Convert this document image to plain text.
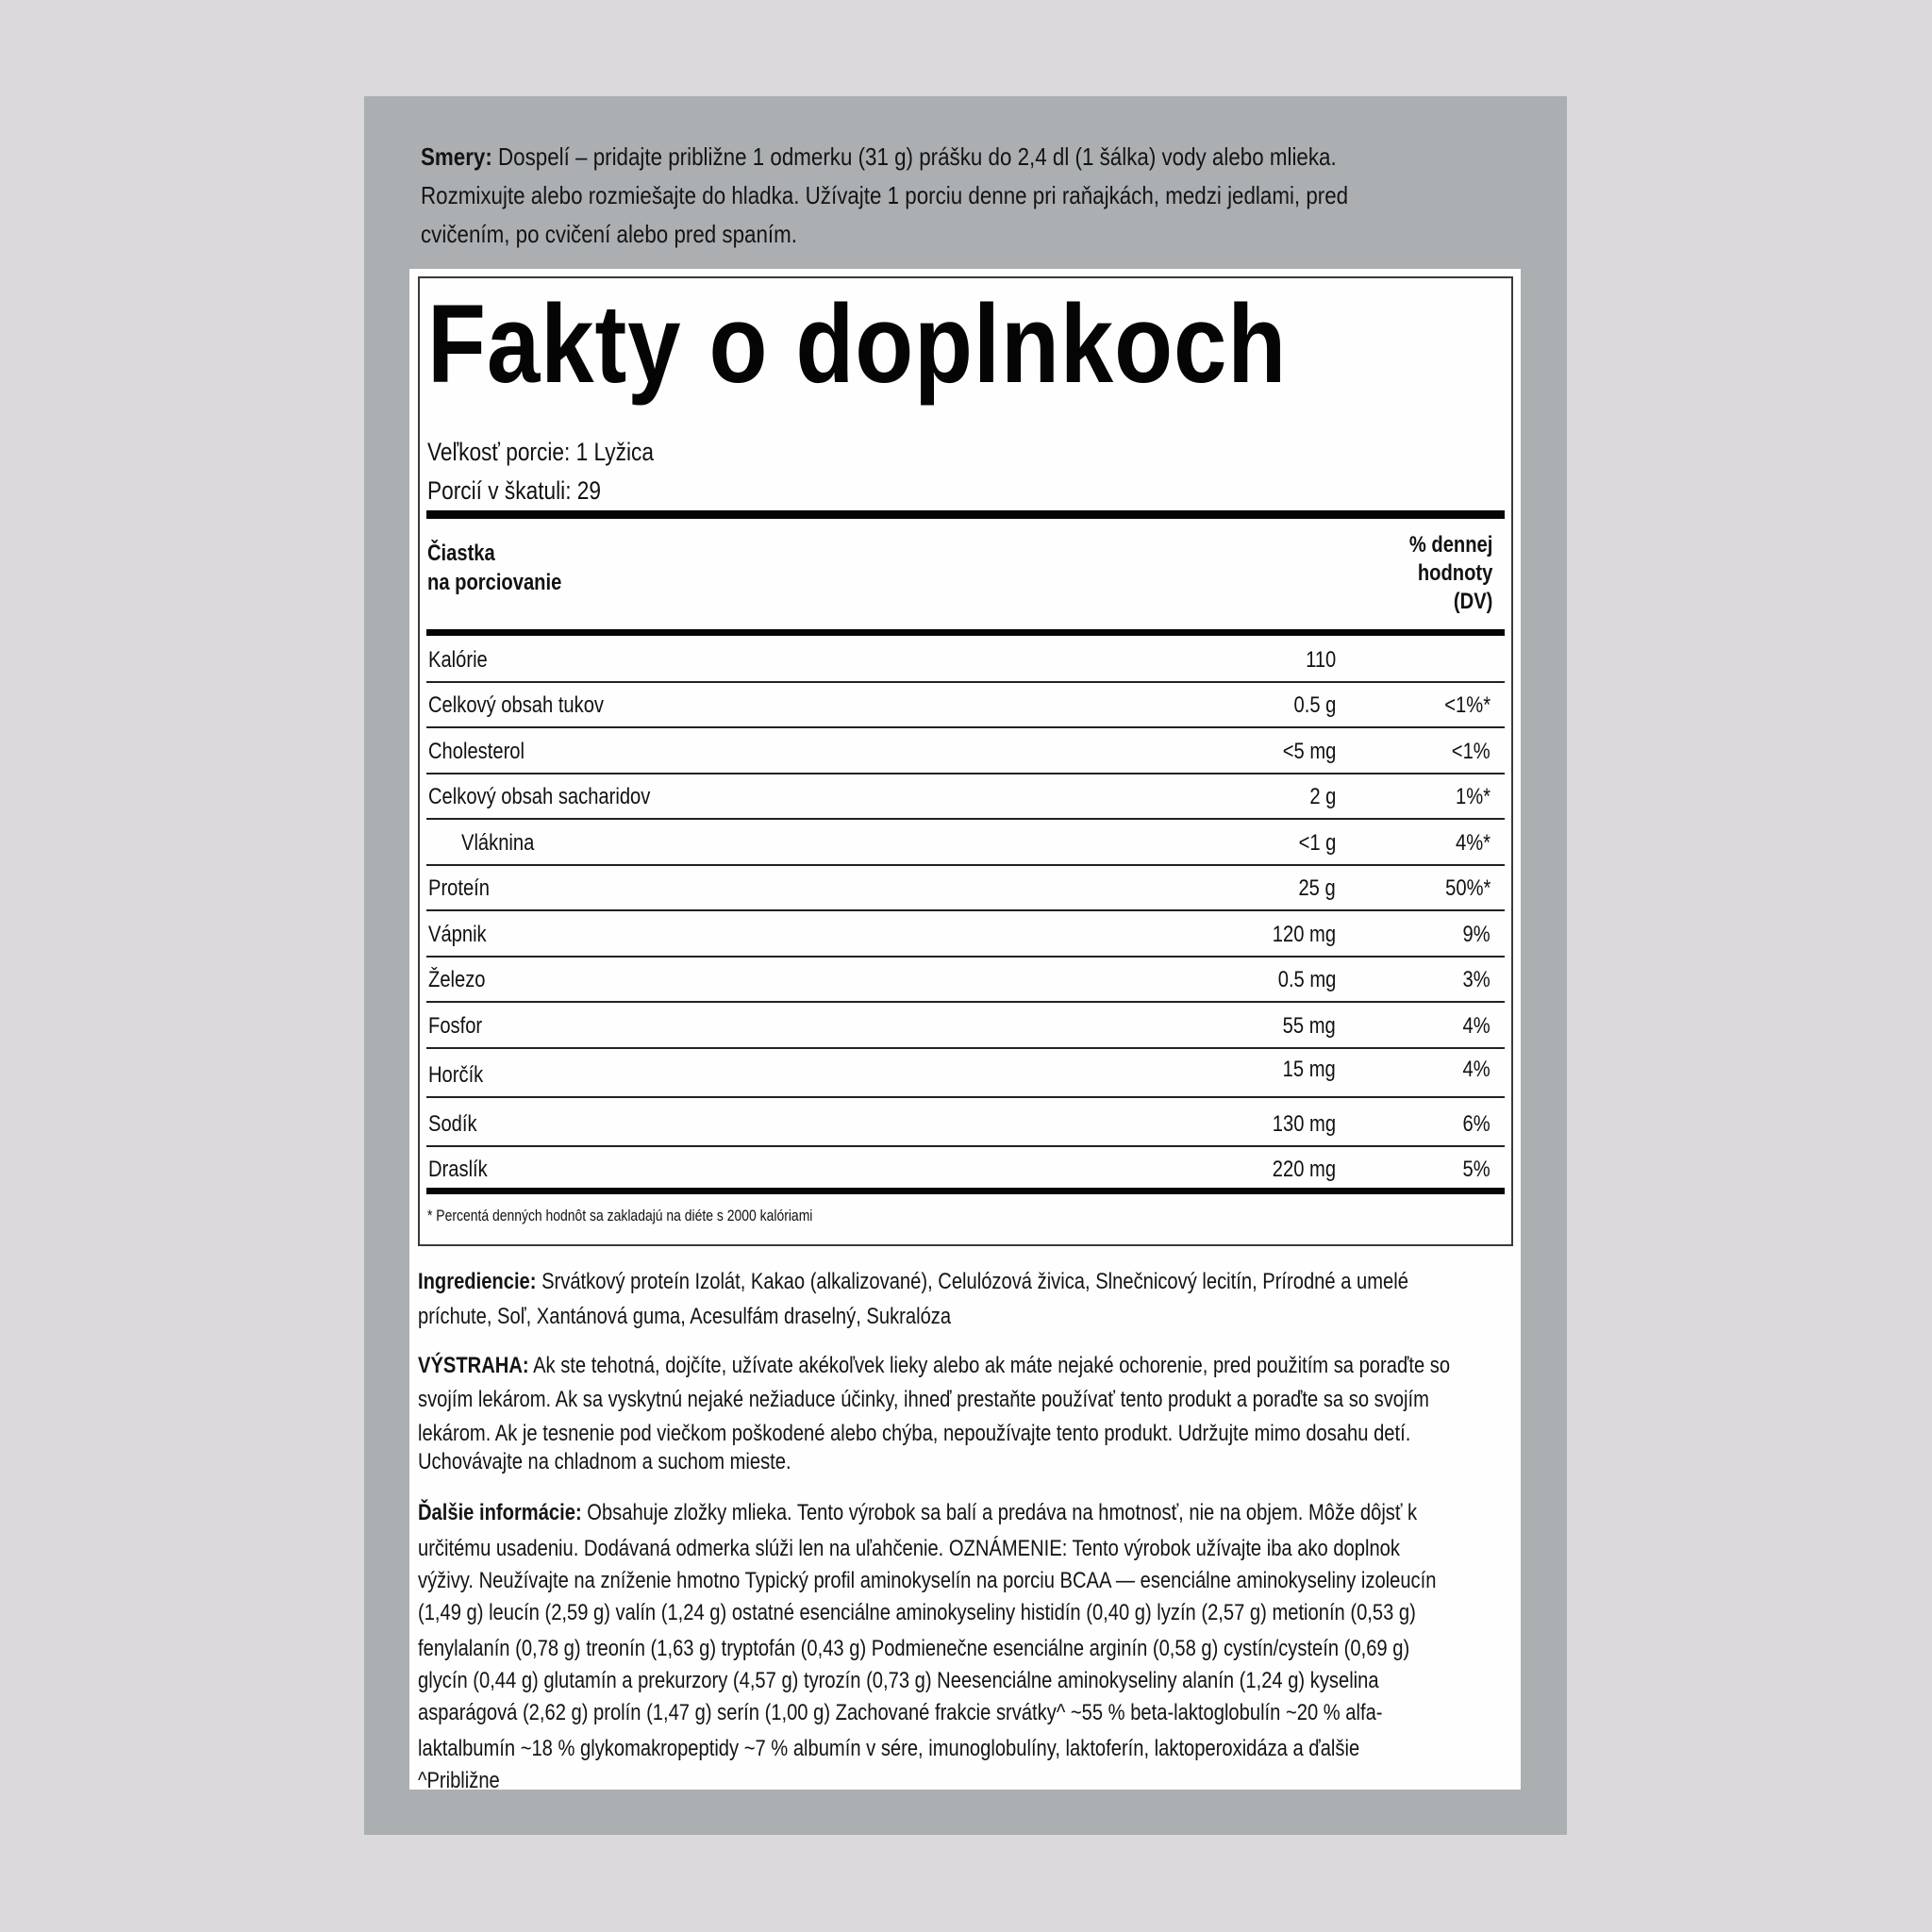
Smery: Dospelí – pridajte približne 1 odmerku (31 g) prášku do 2,4 dl (1 šálka) vody alebo mlieka.
Rozmixujte alebo rozmiešajte do hladka. Užívajte 1 porciu denne pri raňajkách, medzi jedlami, pred
cvičením, po cvičení alebo pred spaním.
Fakty o doplnkoch
Veľkosť porcie: 1 Lyžica
Porcií v škatuli: 29
Čiastka
na porciovanie
% dennej
hodnoty
(DV)
Kalórie	110
Celkový obsah tukov	0.5 g	<1%*
Cholesterol	<5 mg	<1%
Celkový obsah sacharidov	2 g	1%*
Vláknina	<1 g	4%*
Proteín	25 g	50%*
Vápnik	120 mg	9%
Železo	0.5 mg	3%
Fosfor	55 mg	4%
Horčík	15 mg	4%
Sodík	130 mg	6%
Draslík	220 mg	5%
* Percentá denných hodnôt sa zakladajú na diéte s 2000 kalóriami
Ingrediencie: Srvátkový proteín Izolát, Kakao (alkalizované), Celulózová živica, Slnečnicový lecitín, Prírodné a umelé
príchute, Soľ, Xantánová guma, Acesulfám draselný, Sukralóza
VÝSTRAHA: Ak ste tehotná, dojčíte, užívate akékoľvek lieky alebo ak máte nejaké ochorenie, pred použitím sa poraďte so
svojím lekárom. Ak sa vyskytnú nejaké nežiaduce účinky, ihneď prestaňte používať tento produkt a poraďte sa so svojím
lekárom. Ak je tesnenie pod viečkom poškodené alebo chýba, nepoužívajte tento produkt. Udržujte mimo dosahu detí.
Uchovávajte na chladnom a suchom mieste.
Ďalšie informácie: Obsahuje zložky mlieka. Tento výrobok sa balí a predáva na hmotnosť, nie na objem. Môže dôjsť k
určitému usadeniu. Dodávaná odmerka slúži len na uľahčenie. OZNÁMENIE: Tento výrobok užívajte iba ako doplnok
výživy. Neužívajte na zníženie hmotno Typický profil aminokyselín na porciu BCAA — esenciálne aminokyseliny izoleucín
(1,49 g) leucín (2,59 g) valín (1,24 g) ostatné esenciálne aminokyseliny histidín (0,40 g) lyzín (2,57 g) metionín (0,53 g)
fenylalanín (0,78 g) treonín (1,63 g) tryptofán (0,43 g) Podmienečne esenciálne arginín (0,58 g) cystín/cysteín (0,69 g)
glycín (0,44 g) glutamín a prekurzory (4,57 g) tyrozín (0,73 g) Neesenciálne aminokyseliny alanín (1,24 g) kyselina
asparágová (2,62 g) prolín (1,47 g) serín (1,00 g) Zachované frakcie srvátky^ ~55 % beta-laktoglobulín ~20 % alfa-
laktalbumín ~18 % glykomakropeptidy ~7 % albumín v sére, imunoglobulíny, laktoferín, laktoperoxidáza a ďalšie
^Približne
